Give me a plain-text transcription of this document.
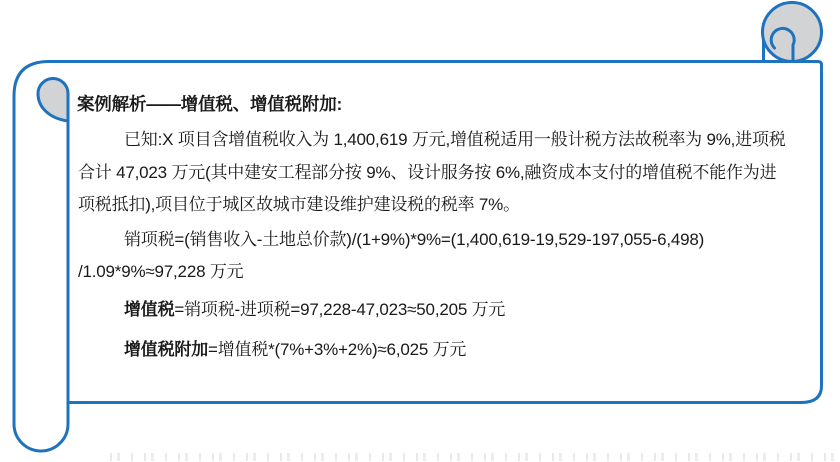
案例解析——增值税、增值税附加:
已知:X 项目含增值税收入为 1,400,619 万元,增值税适用一般计税方法故税率为 9%,进项税
合计 47,023 万元(其中建安工程部分按 9%、设计服务按 6%,融资成本支付的增值税不能作为进
项税抵扣),项目位于城区故城市建设维护建设税的税率 7%。
销项税=(销售收入-土地总价款)/(1+9%)*9%=(1,400,619-19,529-197,055-6,498)
/1.09*9%≈97,228 万元
增值税=销项税-进项税=97,228-47,023≈50,205 万元
增值税附加=增值税*(7%+3%+2%)≈6,025 万元
